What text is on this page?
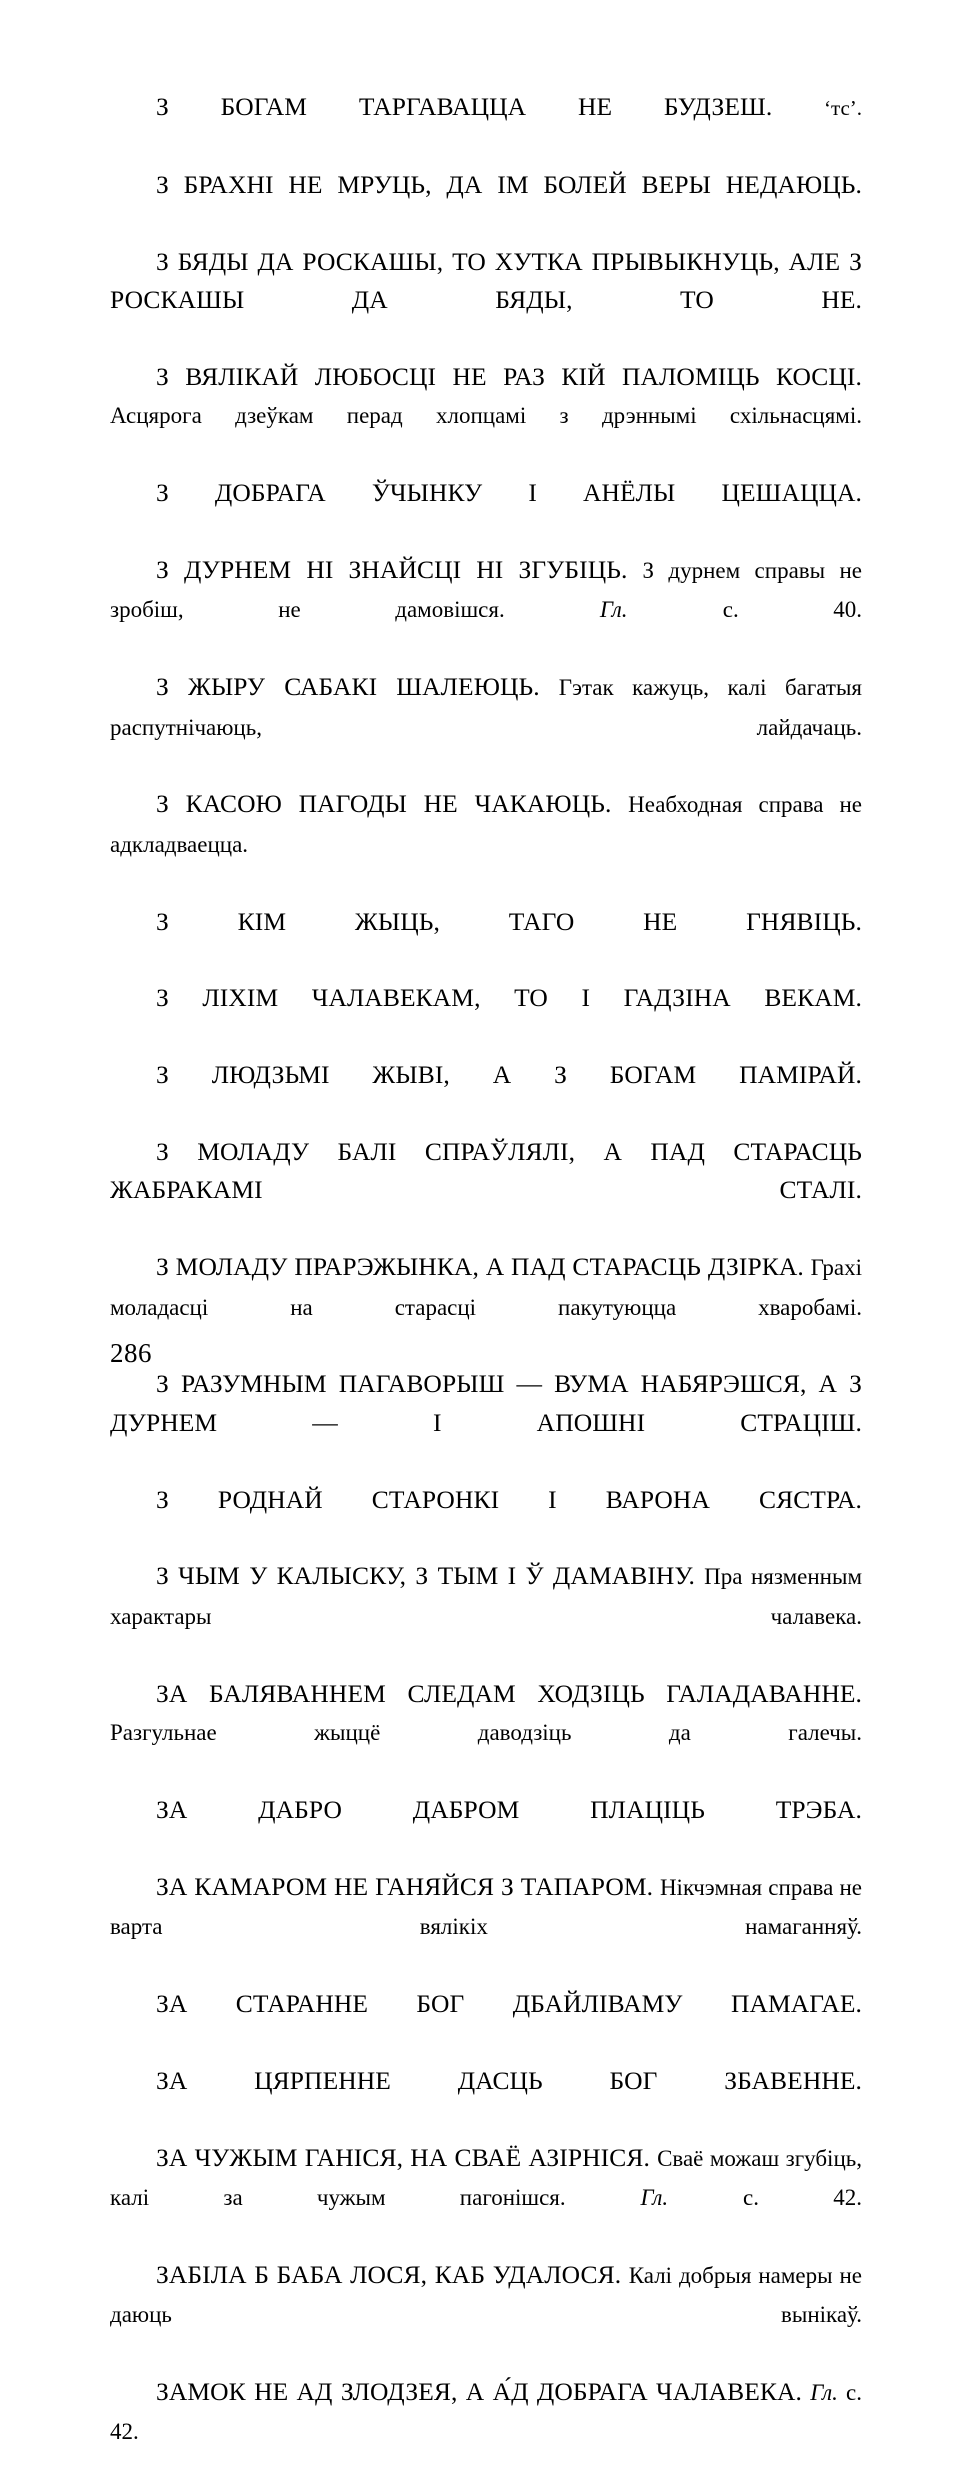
З БОГАМ ТАРГАВАЦЦА НЕ БУДЗЕШ. ‘тс’.

З БРАХНІ НЕ МРУЦЬ, ДА ІМ БОЛЕЙ ВЕРЫ НЕДАЮЦЬ.

З БЯДЫ ДА РОСКАШЫ, ТО ХУТКА ПРЫВЫКНУЦЬ, АЛЕ З РОСКАШЫ ДА БЯДЫ, ТО НЕ.

З ВЯЛІКАЙ ЛЮБОСЦІ НЕ РАЗ КІЙ ПАЛОМІЦЬ КОСЦІ. Асцярога дзеўкам перад хлопцамі з дрэннымі схільнасцямі.

З ДОБРАГА ЎЧЫНКУ І АНЁЛЫ ЦЕШАЦЦА.

З ДУРНЕМ НІ ЗНАЙСЦІ НІ ЗГУБІЦЬ. З дурнем справы не зробіш, не дамовішся.	Гл.	с. 40.

З ЖЫРУ САБАКІ ШАЛЕЮЦЬ. Гэтак кажуць, калі багатыя распутнічаюць, лайдачаць.

З КАСОЮ ПАГОДЫ НЕ ЧАКАЮЦЬ. Неабходная справа не адкладваецца.

З КІМ ЖЫЦЬ, ТАГО НЕ ГНЯВІЦЬ.

З ЛІХІМ ЧАЛАВЕКАМ, ТО І ГАДЗІНА ВЕКАМ.

З ЛЮДЗЬМІ ЖЫВІ, А З БОГАМ ПАМІРАЙ.

З МОЛАДУ БАЛІ СПРАЎЛЯЛІ, А ПАД СТАРАСЦЬ ЖАБРАКАМІ СТАЛІ.

З МОЛАДУ ПРАРЭЖЫНКА, А ПАД СТАРАСЦЬ ДЗІРКА. Грахі моладасці на старасці пакутуюцца хваробамі.

З РАЗУМНЫМ ПАГАВОРЫШ — ВУМА НАБЯРЭШСЯ, А З ДУРНЕМ — І АПОШНІ СТРАЦІШ.

З РОДНАЙ СТАРОНКІ І ВАРОНА СЯСТРА.

З ЧЫМ У КАЛЫСКУ, З ТЫМ І Ў ДАМАВІНУ. Пра нязменным характары чалавека.

ЗА БАЛЯВАННЕМ СЛЕДАМ ХОДЗІЦЬ ГАЛАДАВАННЕ. Разгульнае жыццё даводзіць да галечы.

ЗА ДАБРО ДАБРОМ ПЛАЦІЦЬ ТРЭБА.

ЗА КАМАРОМ НЕ ГАНЯЙСЯ З ТАПАРОМ. Нікчэмная справа не варта вялікіх намаганняў.

ЗА СТАРАННЕ БОГ ДБАЙЛІВАМУ ПАМАГАЕ.

ЗА ЦЯРПЕННЕ ДАСЦЬ БОГ ЗБАВЕННЕ.

ЗА ЧУЖЫМ ГАНІСЯ, НА СВАЁ АЗІРНІСЯ. Сваё можаш згубіць, калі за чужым пагонішся.	Гл.	с. 42.

ЗАБІЛА Б БАБА ЛОСЯ, КАБ УДАЛОСЯ. Калі добрыя намеры не даюць вынікаў.

ЗАМОК НЕ АД ЗЛОДЗЕЯ, А А́Д ДОБРАГА ЧАЛАВЕКА. Гл. с. 42.

286
